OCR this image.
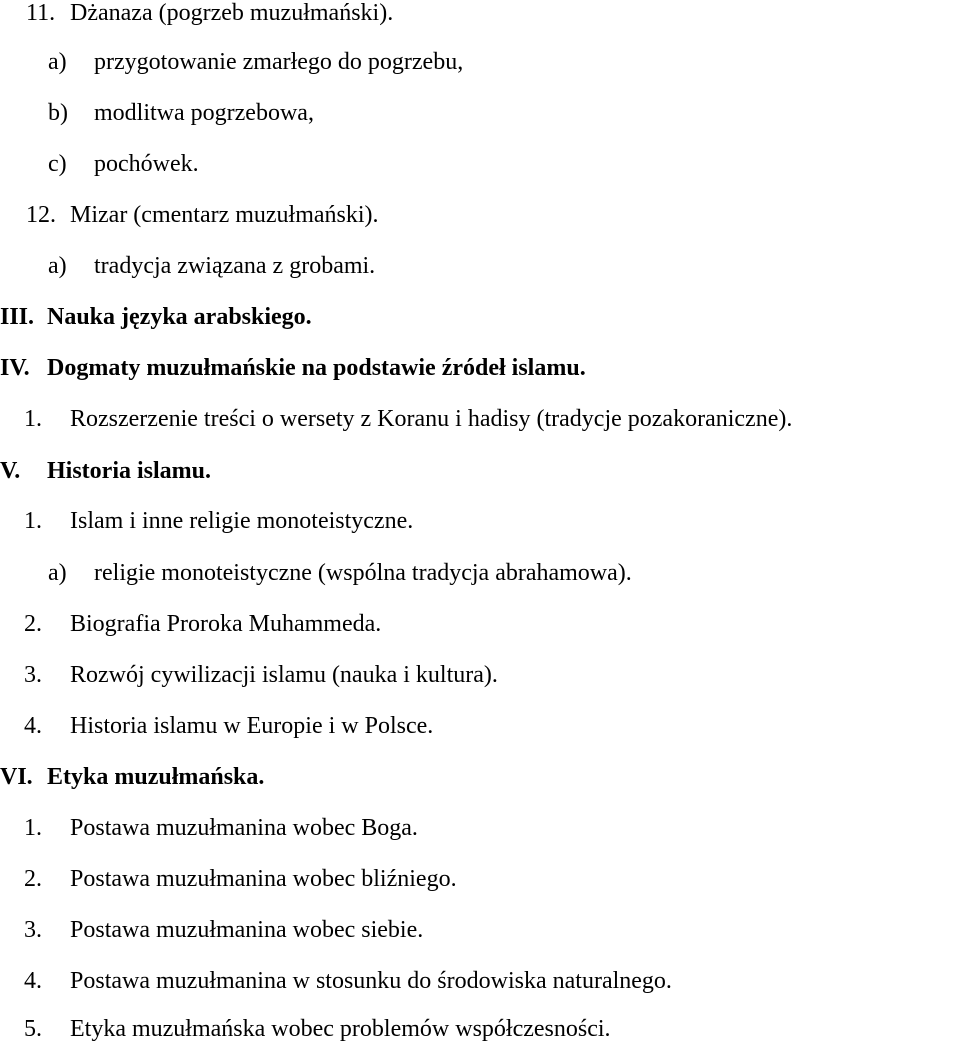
11. Dżanaza (pogrzeb muzułmański).
a) przygotowanie zmarłego do pogrzebu,
b) modlitwa pogrzebowa,
c) pochówek.
12. Mizar (cmentarz muzułmański).
a) tradycja związana z grobami.
III. Nauka języka arabskiego.
IV. Dogmaty muzułmańskie na podstawie źródeł islamu.
1. Rozszerzenie treści o wersety z Koranu i hadisy (tradycje pozakoraniczne).
V. Historia islamu.
1. Islam i inne religie monoteistyczne.
a) religie monoteistyczne (wspólna tradycja abrahamowa).
2. Biografia Proroka Muhammeda.
3. Rozwój cywilizacji islamu (nauka i kultura).
4. Historia islamu w Europie i w Polsce.
VI. Etyka muzułmańska.
1. Postawa muzułmanina wobec Boga.
2. Postawa muzułmanina wobec bliźniego.
3. Postawa muzułmanina wobec siebie.
4. Postawa muzułmanina w stosunku do środowiska naturalnego.
5. Etyka muzułmańska wobec problemów współczesności.
